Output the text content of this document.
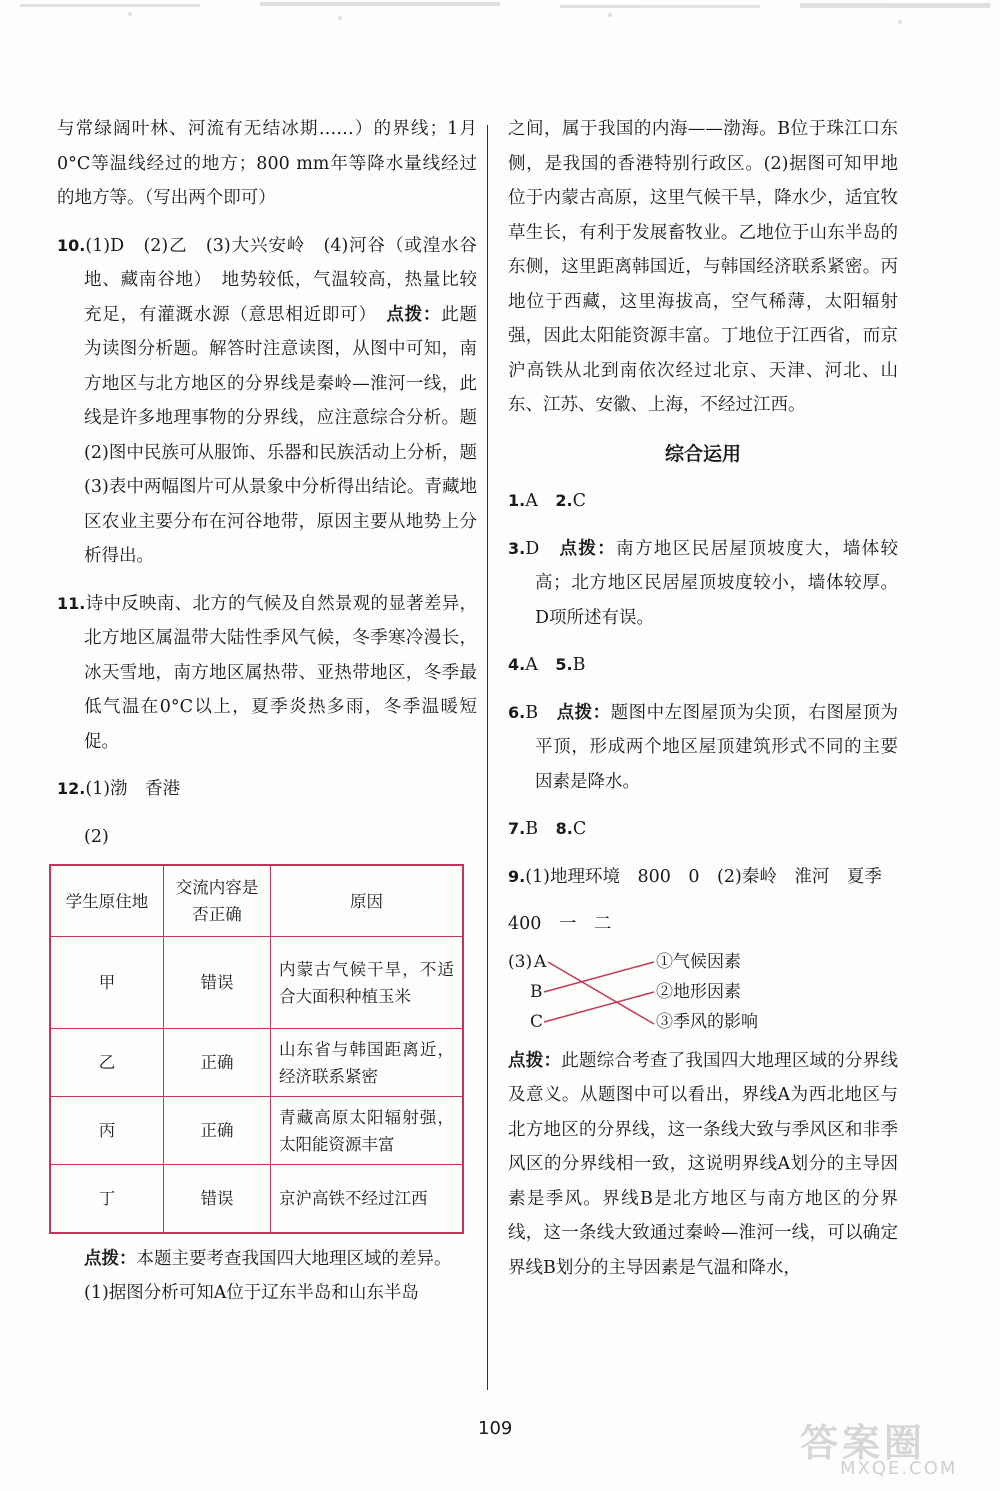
与常绿阔叶林、河流有无结冰期……）的界线；1月0°C等温线经过的地方；800 mm年等降水量线经过的地方等。（写出两个即可）

10.(1)D　(2)乙　(3)大兴安岭　(4)河谷（或湟水谷地、藏南谷地）　地势较低，气温较高，热量比较充足，有灌溉水源（意思相近即可）　 点拨：此题为读图分析题。解答时注意读图，从图中可知，南方地区与北方地区的分界线是秦岭—淮河一线，此线是许多地理事物的分界线，应注意综合分析。题(2)图中民族可从服饰、乐器和民族活动上分析，题(3)表中两幅图片可从景象中分析得出结论。青藏地区农业主要分布在河谷地带，原因主要从地势上分析得出。

11.诗中反映南、北方的气候及自然景观的显著差异，北方地区属温带大陆性季风气候，冬季寒冷漫长，冰天雪地，南方地区属热带、亚热带地区，冬季最低气温在0°C以上，夏季炎热多雨，冬季温暖短促。

12.(1)渤　香港

(2)

学生原住地	交流内容是否正确	原因
甲	错误	内蒙古气候干旱，不适合大面积种植玉米
乙	正确	山东省与韩国距离近，经济联系紧密
丙	正确	青藏高原太阳辐射强，太阳能资源丰富
丁	错误	京沪高铁不经过江西

点拨：本题主要考查我国四大地理区域的差异。

(1)据图分析可知A位于辽东半岛和山东半岛

之间，属于我国的内海——渤海。B位于珠江口东侧，是我国的香港特别行政区。(2)据图可知甲地位于内蒙古高原，这里气候干旱，降水少，适宜牧草生长，有利于发展畜牧业。乙地位于山东半岛的东侧，这里距离韩国近，与韩国经济联系紧密。丙地位于西藏，这里海拔高，空气稀薄，太阳辐射强，因此太阳能资源丰富。丁地位于江西省，而京沪高铁从北到南依次经过北京、天津、河北、山东、江苏、安徽、上海，不经过江西。

综合运用

1.A　 2.C

3.D　 点拨：南方地区民居屋顶坡度大，墙体较高；北方地区民居屋顶坡度较小，墙体较厚。D项所述有误。

4.A　 5.B

6.B　 点拨：题图中左图屋顶为尖顶，右图屋顶为平顶，形成两个地区屋顶建筑形式不同的主要因素是降水。

7.B　 8.C

9.(1)地理环境　800　0　(2)秦岭　淮河　夏季

400　一　二

(3) A
B
C
①气候因素
②地形因素
③季风的影响

点拨：此题综合考查了我国四大地理区域的分界线及意义。从题图中可以看出，界线A为西北地区与北方地区的分界线，这一条线大致与季风区和非季风区的分界线相一致，这说明界线A划分的主导因素是季风。界线B是北方地区与南方地区的分界线，这一条线大致通过秦岭—淮河一线，可以确定界线B划分的主导因素是气温和降水，

109	答案圈
MXQE.COM
